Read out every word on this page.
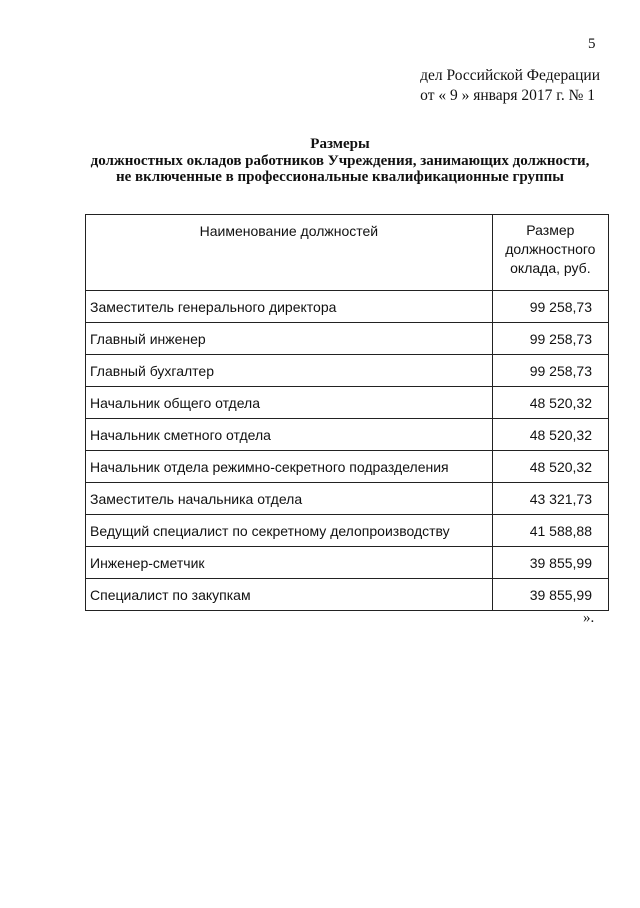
5
дел Российской Федерации
от « 9 » января 2017 г. № 1
Размеры
должностных окладов работников Учреждения, занимающих должности,
не включенные в профессиональные квалификационные группы
Наименование должностей	Размер
должностного
оклада, руб.

Заместитель генерального директора	99 258,73
Главный инженер	99 258,73
Главный бухгалтер	99 258,73
Начальник общего отдела	48 520,32
Начальник сметного отдела	48 520,32
Начальник отдела режимно-секретного подразделения	48 520,32
Заместитель начальника отдела	43 321,73
Ведущий специалист по секретному делопроизводству	41 588,88
Инженер-сметчик	39 855,99
Специалист по закупкам	39 855,99
».
